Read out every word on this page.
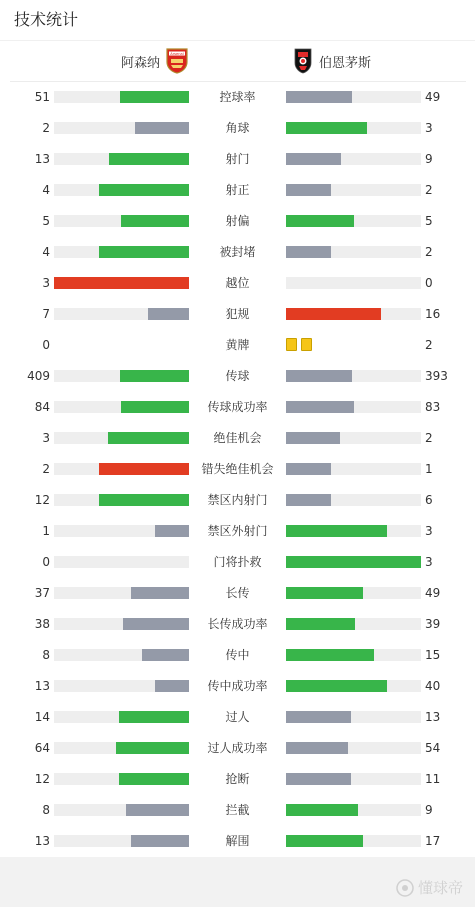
技术统计
阿森纳
Arsenal
伯恩茅斯
51	控球率	49
2	角球	3
13	射门	9
4	射正	2
5	射偏	5
4	被封堵	2
3	越位	0
7	犯规	16
0	黄牌	2
409	传球	393
84	传球成功率	83
3	绝佳机会	2
2	错失绝佳机会	1
12	禁区内射门	6
1	禁区外射门	3
0	门将扑救	3
37	长传	49
38	长传成功率	39
8	传中	15
13	传中成功率	40
14	过人	13
64	过人成功率	54
12	抢断	11
8	拦截	9
13	解围	17
懂球帝
